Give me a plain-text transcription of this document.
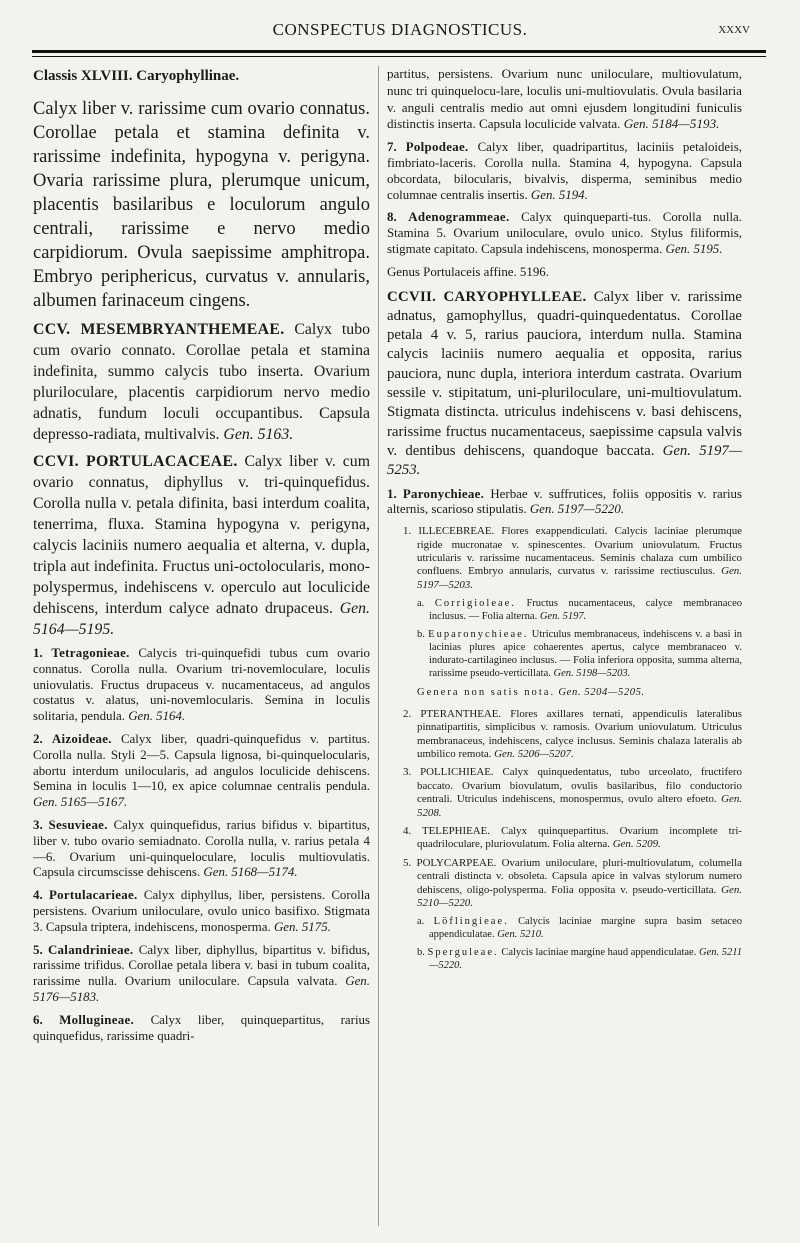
CONSPECTUS DIAGNOSTICUS.	XXXV

Classis XLVIII. Caryophyllinae.

Calyx liber v. rarissime cum ovario connatus. Corollae petala et stamina definita v. rarissime indefinita, hypogyna v. perigyna. Ovaria rarissime plura, plerumque unicum, placentis basilaribus e loculorum angulo centrali, rarissime e nervo medio carpidiorum. Ovula saepissime amphitropa. Embryo periphericus, curvatus v. annularis, albumen farinaceum cingens.

CCV. MESEMBRYANTHEMEAE. Calyx tubo cum ovario connato. Corollae petala et stamina indefinita, summo calycis tubo inserta. Ovarium pluriloculare, placentis carpidiorum nervo medio adnatis, fundum loculi occupantibus. Capsula depresso-radiata, multivalvis. Gen. 5163.

CCVI. PORTULACACEAE. Calyx liber v. cum ovario connatus, diphyllus v. tri-quinquefidus. Corolla nulla v. petala difinita, basi interdum coalita, tenerrima, fluxa. Stamina hypogyna v. perigyna, calycis laciniis numero aequalia et alterna, v. dupla, tripla aut indefinita. Fructus uni-octolocularis, mono-polyspermus, indehiscens v. operculo aut loculicide dehiscens, interdum calyce adnato drupaceus. Gen. 5164—5195.

1. Tetragonieae. Calycis tri-quinquefidi tubus cum ovario connatus. Corolla nulla. Ovarium tri-novemloculare, loculis uniovulatis. Fructus drupaceus v. nucamentaceus, ad angulos costatus v. alatus, uni-novemlocularis. Semina in loculis solitaria, pendula. Gen. 5164.

2. Aizoideae. Calyx liber, quadri-quinquefidus v. partitus. Corolla nulla. Styli 2—5. Capsula lignosa, bi-quinquelocularis, abortu interdum unilocularis, ad angulos loculicide dehiscens. Semina in loculis 1—10, ex apice columnae centralis pendula. Gen. 5165—5167.

3. Sesuvieae. Calyx quinquefidus, rarius bifidus v. bipartitus, liber v. tubo ovario semiadnato. Corolla nulla, v. rarius petala 4—6. Ovarium uni-quinqueloculare, loculis multiovulatis. Capsula circumscisse dehiscens. Gen. 5168—5174.

4. Portulacarieae. Calyx diphyllus, liber, persistens. Corolla persistens. Ovarium uniloculare, ovulo unico basifixo. Stigmata 3. Capsula triptera, indehiscens, monosperma. Gen. 5175.

5. Calandrinieae. Calyx liber, diphyllus, bipartitus v. bifidus, rarissime trifidus. Corollae petala libera v. basi in tubum coalita, rarissime nulla. Ovarium uniloculare. Capsula valvata. Gen. 5176—5183.

6. Mollugineae. Calyx liber, quinquepartitus, rarius quinquefidus, rarissime quadri-

partitus, persistens. Ovarium nunc uniloculare, multiovulatum, nunc tri quinquelocu-lare, loculis uni-multiovulatis. Ovula basilaria v. anguli centralis medio aut omni ejusdem longitudini funiculis distinctis inserta. Capsula loculicide valvata. Gen. 5184—5193.

7. Polpodeae. Calyx liber, quadripartitus, laciniis petaloideis, fimbriato-laceris. Corolla nulla. Stamina 4, hypogyna. Capsula obcordata, bilocularis, bivalvis, disperma, seminibus medio columnae centralis insertis. Gen. 5194.

8. Adenogrammeae. Calyx quinqueparti-tus. Corolla nulla. Stamina 5. Ovarium uniloculare, ovulo unico. Stylus filiformis, stigmate capitato. Capsula indehiscens, monosperma. Gen. 5195.

Genus Portulaceis affine. 5196.

CCVII. CARYOPHYLLEAE. Calyx liber v. rarissime adnatus, gamophyllus, quadri-quinquedentatus. Corollae petala 4 v. 5, rarius pauciora, interdum nulla. Stamina calycis laciniis numero aequalia et opposita, rarius pauciora, nunc dupla, interiora interdum castrata. Ovarium sessile v. stipitatum, uni-pluriloculare, uni-multiovulatum. Stigmata distincta. utriculus indehiscens v. basi dehiscens, rarissime fructus nucamentaceus, saepissime capsula valvis v. dentibus dehiscens, quandoque baccata. Gen. 5197—5253.

1. Paronychieae. Herbae v. suffrutices, foliis oppositis v. rarius alternis, scarioso stipulatis. Gen. 5197—5220.

1. ILLECEBREAE. Flores exappendiculati. Calycis laciniae plerumque rigide mucronatae v. spinescentes. Ovarium uniovulatum. Fructus utricularis v. rarissime nucamentaceus. Seminis chalaza cum umbilico confluens. Embryo annularis, curvatus v. rarissime rectiusculus. Gen. 5197—5203.

a. Corrigioleae. Fructus nucamentaceus, calyce membranaceo inclusus. — Folia alterna. Gen. 5197.

b. Euparonychieae. Utriculus membranaceus, indehiscens v. a basi in lacinias plures apice cohaerentes apertus, calyce membranaceo v. indurato-cartilagineo inclusus. — Folia inferiora opposita, summa alterna, rarissime pseudo-verticillata. Gen. 5198—5203.

Genera non satis nota. Gen. 5204—5205.

2. PTERANTHEAE. Flores axillares ternati, appendiculis lateralibus pinnatipartitis, simplicibus v. ramosis. Ovarium uniovulatum. Utriculus membranaceus, indehiscens, calyce inclusus. Seminis chalaza lateralis ab umbilico remota. Gen. 5206—5207.

3. POLLICHIEAE. Calyx quinquedentatus, tubo urceolato, fructifero baccato. Ovarium biovulatum, ovulis basilaribus, filo conductorio centrali. Utriculus indehiscens, monospermus, ovulo altero efoeto. Gen. 5208.

4. TELEPHIEAE. Calyx quinquepartitus. Ovarium incomplete tri-quadriloculare, pluriovulatum. Folia alterna. Gen. 5209.

5. POLYCARPEAE. Ovarium uniloculare, pluri-multiovulatum, columella centrali distincta v. obsoleta. Capsula apice in valvas stylorum numero dehiscens, oligo-polysperma. Folia opposita v. pseudo-verticillata. Gen. 5210—5220.

a. Löflingieae. Calycis laciniae margine supra basim setaceo appendiculatae. Gen. 5210.

b. Sperguleae. Calycis laciniae margine haud appendiculatae. Gen. 5211—5220.
